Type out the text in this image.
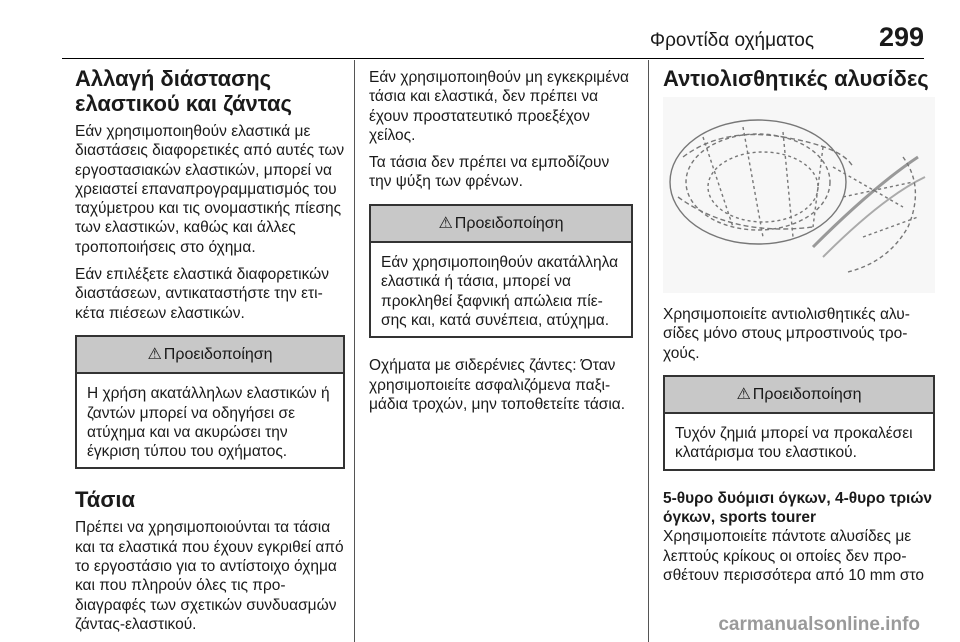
Φροντίδα οχήματος 299
Αλλαγή διάστασης ελαστικού και ζάντας

Εάν χρησιμοποιηθούν ελαστικά με διαστάσεις διαφορετικές από αυτές των εργοστασιακών ελαστικών, μπορεί να χρειαστεί επαναπρογραμματισμός του ταχύμετρου και τις ονομαστικής πίεσης των ελαστικών, καθώς και άλλες τροποποιήσεις στο όχημα.

Εάν επιλέξετε ελαστικά διαφορετικών διαστάσεων, αντικαταστήστε την ετικέτα πιέσεων ελαστικών.

⚠ Προειδοποίηση

Η χρήση ακατάλληλων ελαστικών ή ζαντών μπορεί να οδηγήσει σε ατύχημα και να ακυρώσει την έγκριση τύπου του οχήματος.

Τάσια

Πρέπει να χρησιμοποιούνται τα τάσια και τα ελαστικά που έχουν εγκριθεί από το εργοστάσιο για το αντίστοιχο όχημα και που πληρούν όλες τις προδιαγραφές των σχετικών συνδυασμών ζάντας-ελαστικού.

Εάν χρησιμοποιηθούν μη εγκεκριμένα τάσια και ελαστικά, δεν πρέπει να έχουν προστατευτικό προεξέχον χείλος.

Τα τάσια δεν πρέπει να εμποδίζουν την ψύξη των φρένων.

⚠ Προειδοποίηση

Εάν χρησιμοποιηθούν ακατάλληλα ελαστικά ή τάσια, μπορεί να προκληθεί ξαφνική απώλεια πίεσης και, κατά συνέπεια, ατύχημα.

Οχήματα με σιδερένιες ζάντες: Όταν χρησιμοποιείτε ασφαλιζόμενα παξιμάδια τροχών, μην τοποθετείτε τάσια.

Αντιολισθητικές αλυσίδες

Χρησιμοποιείτε αντιολισθητικές αλυσίδες μόνο στους μπροστινούς τροχούς.

⚠ Προειδοποίηση

Τυχόν ζημιά μπορεί να προκαλέσει κλατάρισμα του ελαστικού.

5-θυρο δυόμισι όγκων, 4-θυρο τριών όγκων, sports tourer

Χρησιμοποιείτε πάντοτε αλυσίδες με λεπτούς κρίκους οι οποίες δεν προσθέτουν περισσότερα από 10 mm στο

carmanualsonline.info
